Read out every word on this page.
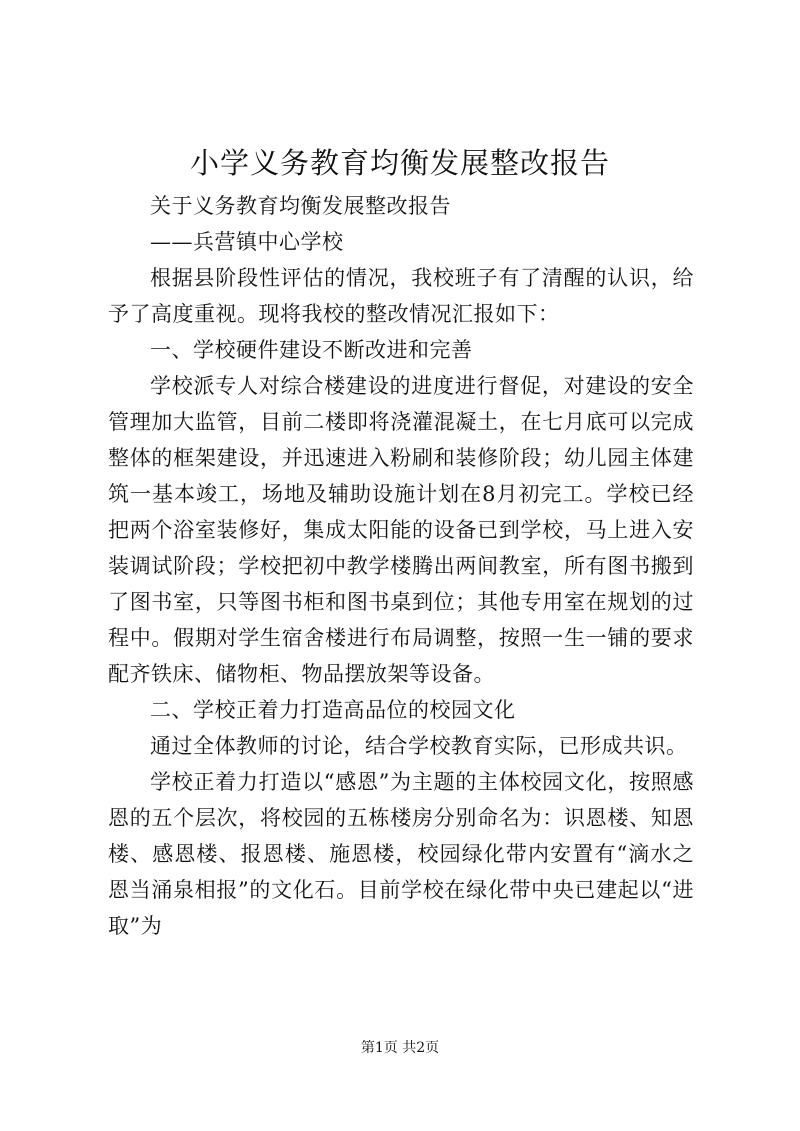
小学义务教育均衡发展整改报告

关于义务教育均衡发展整改报告

——兵营镇中心学校

根据县阶段性评估的情况，我校班子有了清醒的认识，给予了高度重视。现将我校的整改情况汇报如下：

一、学校硬件建设不断改进和完善

学校派专人对综合楼建设的进度进行督促，对建设的安全管理加大监管，目前二楼即将浇灌混凝土，在七月底可以完成整体的框架建设，并迅速进入粉刷和装修阶段；幼儿园主体建筑一基本竣工，场地及辅助设施计划在8月初完工。学校已经把两个浴室装修好，集成太阳能的设备已到学校，马上进入安装调试阶段；学校把初中教学楼腾出两间教室，所有图书搬到了图书室，只等图书柜和图书桌到位；其他专用室在规划的过程中。假期对学生宿舍楼进行布局调整，按照一生一铺的要求配齐铁床、储物柜、物品摆放架等设备。

二、学校正着力打造高品位的校园文化

通过全体教师的讨论，结合学校教育实际，已形成共识。

学校正着力打造以“感恩”为主题的主体校园文化，按照感恩的五个层次，将校园的五栋楼房分别命名为：识恩楼、知恩楼、感恩楼、报恩楼、施恩楼，校园绿化带内安置有“滴水之恩当涌泉相报”的文化石。目前学校在绿化带中央已建起以“进取”为

第1页 共2页
